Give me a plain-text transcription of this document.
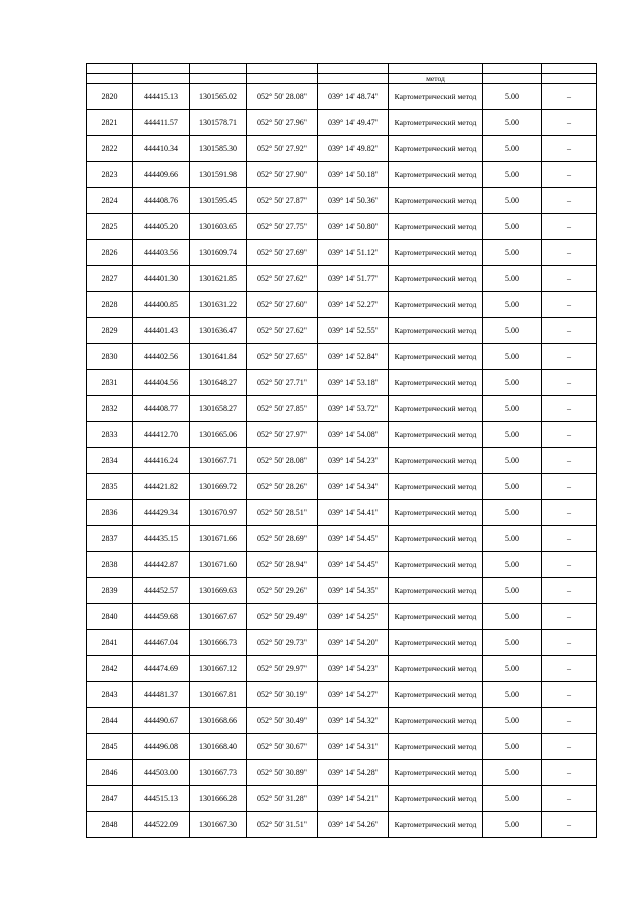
					метод		
2820	444415.13	1301565.02	052° 50' 28.08"	039° 14' 48.74"	Картометрический метод	5.00	–
2821	444411.57	1301578.71	052° 50' 27.96"	039° 14' 49.47"	Картометрический метод	5.00	–
2822	444410.34	1301585.30	052° 50' 27.92"	039° 14' 49.82"	Картометрический метод	5.00	–
2823	444409.66	1301591.98	052° 50' 27.90"	039° 14' 50.18"	Картометрический метод	5.00	–
2824	444408.76	1301595.45	052° 50' 27.87"	039° 14' 50.36"	Картометрический метод	5.00	–
2825	444405.20	1301603.65	052° 50' 27.75"	039° 14' 50.80"	Картометрический метод	5.00	–
2826	444403.56	1301609.74	052° 50' 27.69"	039° 14' 51.12"	Картометрический метод	5.00	–
2827	444401.30	1301621.85	052° 50' 27.62"	039° 14' 51.77"	Картометрический метод	5.00	–
2828	444400.85	1301631.22	052° 50' 27.60"	039° 14' 52.27"	Картометрический метод	5.00	–
2829	444401.43	1301636.47	052° 50' 27.62"	039° 14' 52.55"	Картометрический метод	5.00	–
2830	444402.56	1301641.84	052° 50' 27.65"	039° 14' 52.84"	Картометрический метод	5.00	–
2831	444404.56	1301648.27	052° 50' 27.71"	039° 14' 53.18"	Картометрический метод	5.00	–
2832	444408.77	1301658.27	052° 50' 27.85"	039° 14' 53.72"	Картометрический метод	5.00	–
2833	444412.70	1301665.06	052° 50' 27.97"	039° 14' 54.08"	Картометрический метод	5.00	–
2834	444416.24	1301667.71	052° 50' 28.08"	039° 14' 54.23"	Картометрический метод	5.00	–
2835	444421.82	1301669.72	052° 50' 28.26"	039° 14' 54.34"	Картометрический метод	5.00	–
2836	444429.34	1301670.97	052° 50' 28.51"	039° 14' 54.41"	Картометрический метод	5.00	–
2837	444435.15	1301671.66	052° 50' 28.69"	039° 14' 54.45"	Картометрический метод	5.00	–
2838	444442.87	1301671.60	052° 50' 28.94"	039° 14' 54.45"	Картометрический метод	5.00	–
2839	444452.57	1301669.63	052° 50' 29.26"	039° 14' 54.35"	Картометрический метод	5.00	–
2840	444459.68	1301667.67	052° 50' 29.49"	039° 14' 54.25"	Картометрический метод	5.00	–
2841	444467.04	1301666.73	052° 50' 29.73"	039° 14' 54.20"	Картометрический метод	5.00	–
2842	444474.69	1301667.12	052° 50' 29.97"	039° 14' 54.23"	Картометрический метод	5.00	–
2843	444481.37	1301667.81	052° 50' 30.19"	039° 14' 54.27"	Картометрический метод	5.00	–
2844	444490.67	1301668.66	052° 50' 30.49"	039° 14' 54.32"	Картометрический метод	5.00	–
2845	444496.08	1301668.40	052° 50' 30.67"	039° 14' 54.31"	Картометрический метод	5.00	–
2846	444503.00	1301667.73	052° 50' 30.89"	039° 14' 54.28"	Картометрический метод	5.00	–
2847	444515.13	1301666.28	052° 50' 31.28"	039° 14' 54.21"	Картометрический метод	5.00	–
2848	444522.09	1301667.30	052° 50' 31.51"	039° 14' 54.26"	Картометрический метод	5.00	–
